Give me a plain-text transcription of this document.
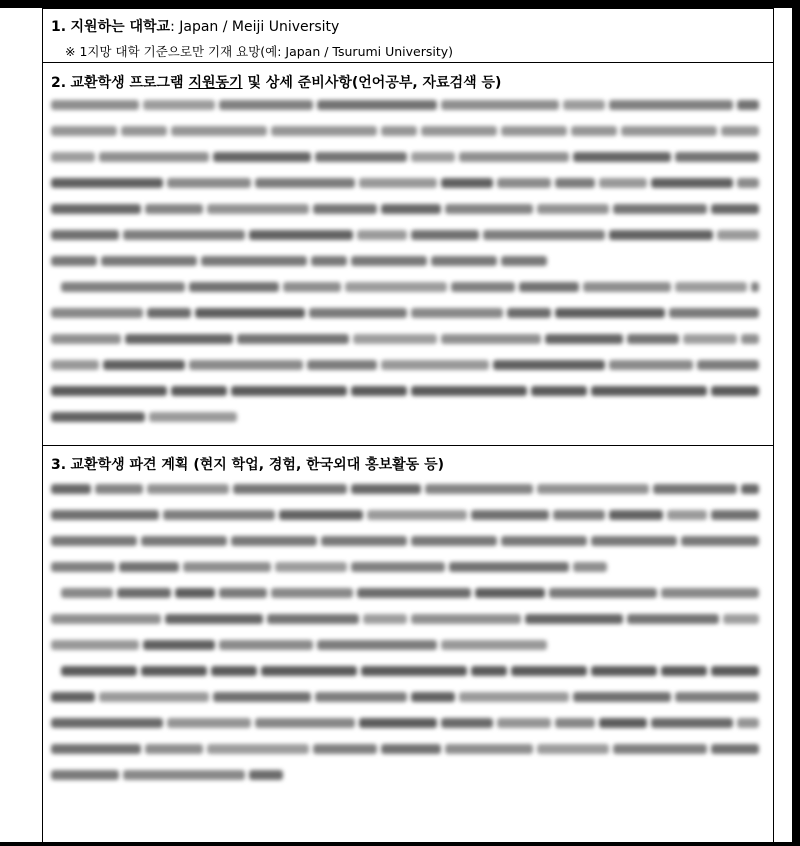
1. 지원하는 대학교: Japan / Meiji University
※ 1지망 대학 기준으로만 기재 요망(예: Japan / Tsurumi University)
2. 교환학생 프로그램 지원동기 및 상세 준비사항(언어공부, 자료검색 등)
3. 교환학생 파견 계획 (현지 학업, 경험, 한국외대 홍보활동 등)
